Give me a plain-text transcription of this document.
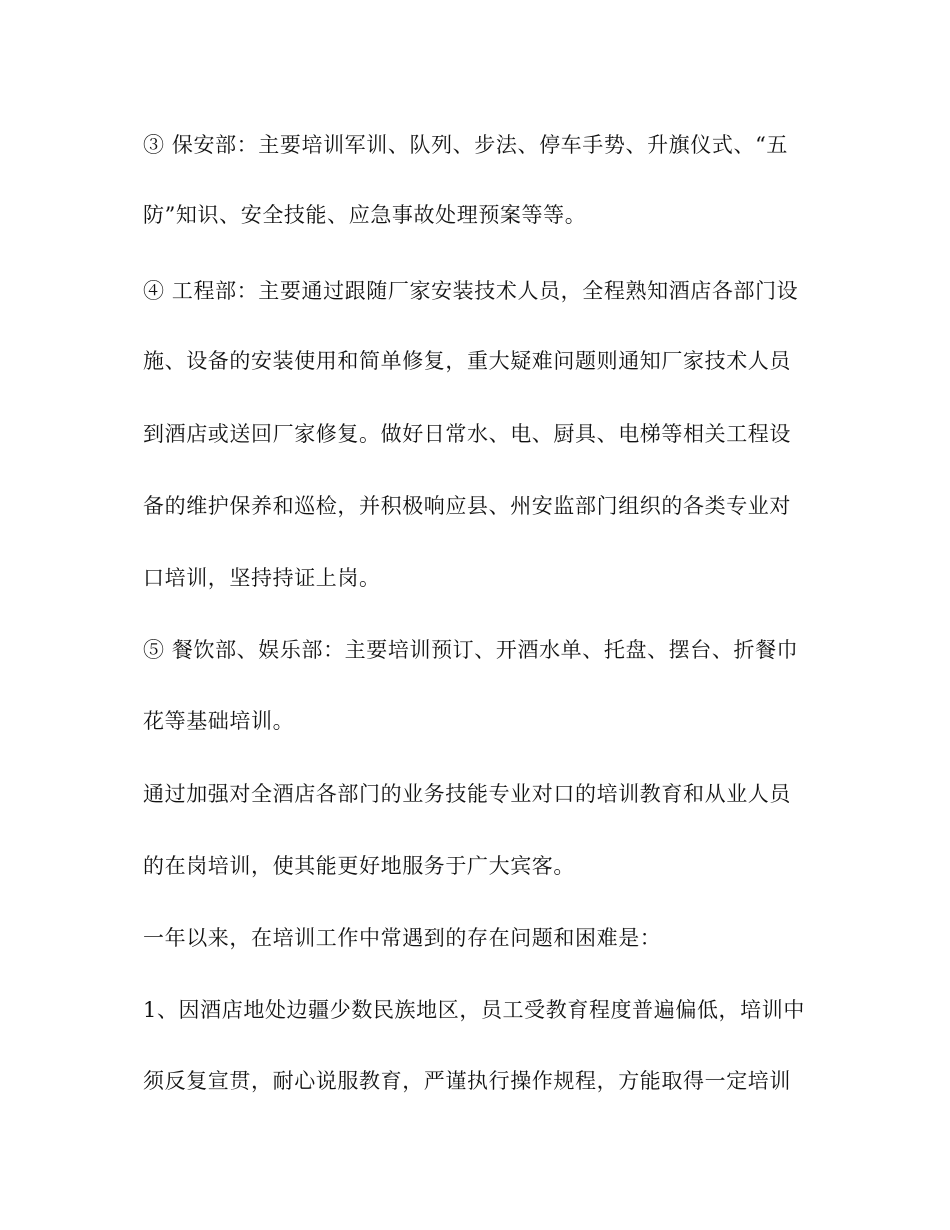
③ 保安部：主要培训军训、队列、步法、停车手势、升旗仪式、“五

防”知识、安全技能、应急事故处理预案等等。

④ 工程部：主要通过跟随厂家安装技术人员，全程熟知酒店各部门设

施、设备的安装使用和简单修复，重大疑难问题则通知厂家技术人员

到酒店或送回厂家修复。做好日常水、电、厨具、电梯等相关工程设

备的维护保养和巡检，并积极响应县、州安监部门组织的各类专业对

口培训，坚持持证上岗。

⑤ 餐饮部、娱乐部：主要培训预订、开酒水单、托盘、摆台、折餐巾

花等基础培训。

通过加强对全酒店各部门的业务技能专业对口的培训教育和从业人员

的在岗培训，使其能更好地服务于广大宾客。

一年以来，在培训工作中常遇到的存在问题和困难是：

1、因酒店地处边疆少数民族地区，员工受教育程度普遍偏低，培训中

须反复宣贯，耐心说服教育，严谨执行操作规程，方能取得一定培训
